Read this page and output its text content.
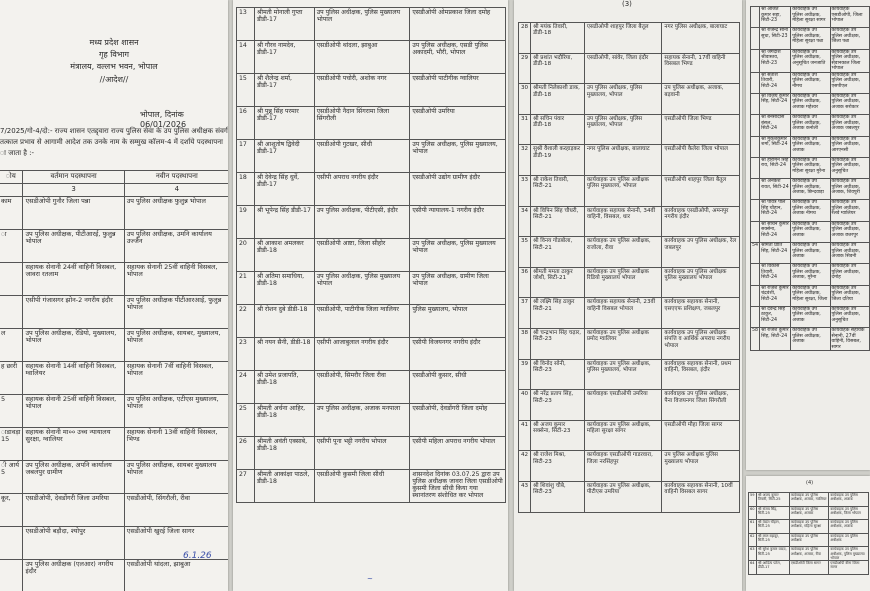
मध्य प्रदेश शासन
गृह विभाग
मंत्रालय, वल्लभ भवन, भोपाल
//आदेश//
भोपाल, दिनांक 06/01/2026
7/2025/गो-4/दो:- राज्य शासन एतद्द्वारा राज्य पुलिस सेवा के उप पुलिस अधीक्षक संवर्ग
तत्काल प्रभाव से आगामी आदेश तक उनके नाम के सम्मुख कॉलम-4 में दर्शाये पदस्थापना
ा जाता है :-
ोय	वर्तमान पदस्थापना	नवीन पदस्थापना
	3	4
काम	एसडीओपी गुनौर जिला पन्ना	उप पुलिस अधीक्षक फुलुन्न भोपाल
ा	उप पुलिस अधीक्षक, पीटीआरई, फुलुन्न भोपाल	उप पुलिस अधीक्षक, उमनि कार्यालय उज्जैन
	सहायक सेनानी 24वीं वाहिनी विसबल, जावरा रतलाम	सहायक सेनानी 25वीं वाहिनी विसबल, भोपाल
	एसीपी गंजासगर झोन-2 नगरीय इंदौर	उप पुलिस अधीक्षक पीटीआरआई, फुलुन्न भोपाल
ल	उप पुलिस अधीक्षक, रेडियो, मुख्यालय, भोपाल	उप पुलिस अधीक्षक, सायबर, मुख्यालय, भोपाल
ह छारी	सहायक सेनानी 14वीं वाहिनी विसबल, ग्वालियर	सहायक सेनानी 7वीं वाहिनी विसबल, भोपाल
5	सहायक सेनानी 25वीं वाहिनी विसबल, भोपाल	उप पुलिस अधीक्षक, एटीएस मुख्यालय, भोपाल
ाडावड़ा
15	सहायक सेनानी मा०० उच्च न्यायालय सुरक्षा, ग्वालियर	सहायक सेनानी 13वीं वाहिनी विसबल, भिण्ड
ी आर्य
5	उप पुलिस अधीक्षक, अपनि कार्यालय जबलपुर ग्रामीण	उप पुलिस अधीक्षक, सायबर मुख्यालय भोपाल
कूर,	एसडीओपी, देवडोंगरी जिला उमरिया	एसडीओपी, सिंगरौली, रीवा
	एसडीओपी बड़ौदा, श्योपुर	एसडीओपी खुरई जिला सागर
	उप पुलिस अधीक्षक (एलआर) नगरीय इंदौर	एसडीओपी थांदला, झाबुआ
6.1.26
13	श्रीमती मोनाली गुप्ता डीडी-17	उप पुलिस अधीक्षक, पुलिस मुख्यालय भोपाल	एसडीओपी ओमप्रकाश जिला दमोह
14	श्री गौरव नामदेव, डीडी-17	एसडीओपी थांदला, झाबुआ	उप पुलिस अधीक्षक, एसडी पुलिस अकादमी, भौरी, भोपाल
15	श्री शैलेन्द्र शर्मा, डीडी-17	एसडीओपी पचोरी, अशोक नगर	एसडीओपी पाटीगीक ग्वालियर
16	श्री पुन्नू सिंह परमार डीडी-17	एसडीओपी नैदान सिंगरामा जिला सिंगरौली	एसडीओपी उमरिया
17	श्री आशुतोष द्विवेदी डीडी-17	एसडीओपी गुटखर, सीधी	उप पुलिस अधीक्षक, पुलिस मुख्यालय, भोपाल
18	श्री देवेन्द्र सिंह धुर्वे, डीडी-17	एसीपी अपराध नगरीय इंदौर	एसडीओपी उद्योग ग्रामीण इंदौर
19	श्री भूपेन्द्र सिंह डीडी-17	उप पुलिस अधीक्षक, पीटीएसी, इंदौर	एसीपी न्यायालय-1 नगरीय इंदौर
20	श्री आकाश अमलकर डीडी-18	एसडीओपी आष्टा, जिला सीहोर	उप पुलिस अधीक्षक, पुलिस मुख्यालय भोपाल
21	श्री अतिमा समाधिया, डीडी-18	उप पुलिस अधीक्षक, पुलिस मुख्यालय भोपाल	उप पुलिस अधीक्षक, ग्रामीण जिला भोपाल
22	श्री रोशन दुबे डीडी-18	एसडीओपी, पाटीगीक जिला ग्वालियर	पुलिस मुख्यालय, भोपाल
23	श्री नयन सैनी, डीडी-18	एसीपी आजाबुलाल नगरीय इंदौर	एसीपी विजयनगर नगरीय इंदौर
24	श्री उमेश प्रजापति, डीडी-18	एसडीओपी, सिमरौर जिला रीवा	एसडीओपी कुसार, सीधी
25	श्रीमती अर्चना आहिर, डीडी-18	उप पुलिस अधीक्षक, अजाक मनपाला	एसडीओपी, देवडोंगरी जिला दमोह
26	श्रीमती अवंती एक्साबे, डीडी-18	एसीपी पूना भट्टी नगरीय भोपाल	एसीपी महिला अपराध नगरीय भोपाल
27	श्रीमती आकांक्षा पाठले, डीडी-18	एसडीओपी कुसमी जिला सीधी	शासनदेश दिनांक 03.07.25 द्वारा उप पुलिस अधीक्षक जावरा जिला एसडीओपी कुसमी जिला सीधी किया गया स्थानांतरण संशोधित कर भोपाल
~
(3)
28	श्री मयंक तिवारी, डीडी-18	एसडीओपी शाहपुर जिला बैतूल	नगर पुलिस अधीक्षक, बालाघाट
29	श्री प्रशांत भदौरिया, डीडी-18	एसडीओपी, सांवेर, जिला इंदौर	सहायक सेनानी, 17वीं वाहिनी विसबल भिण्ड
30	श्रीमती निलेकाशी डाक, डीडी-18	उप पुलिस अधीक्षक, पुलिस मुख्यालय, भोपाल	उप पुलिस अधीक्षक, अजाक, बड़वानी
31	श्री सचिन पंवार डीडी-18	उप पुलिस अधीक्षक, पुलिस मुख्यालय, भोपाल	एसडीओपी जिला भिण्ड
32	सुश्री वैशाली करहाड़कर डीडी-19	नगर पुलिस अधीक्षक, बालाघाट	एसडीओपी कैलेरा जिला भोपाल
33	श्री राकेश तिवारी, सिटी-21	कार्यवाहक उप पुलिस अधीक्षक पुलिस मुख्यालय, भोपाल	एसडीओपी शाहपुर जिला बैतूल
34	श्री विपिन सिंह चौधरी, सिटी-21	कार्यवाहक सहायक सेनानी, 34वीं वाहिनी, विसबल, धार	कार्यवाहक एसडीओपी, अमनपुर नगरीय इंदौर
35	श्री विनय गोडबोला, सिटी-21	कार्यवाहक उप पुलिस अधीक्षक, राजोला, रीवा	कार्यवाहक उप पुलिस अधीक्षक, रेल जबलपुर
36	श्रीमती ममता ठाकुर जोशी, सिटी-21	कार्यवाहक उप पुलिस अधीक्षक रिडियो मुख्यालय भोपाल	कार्यवाहक उप पुलिस अधीक्षक पुलिस मुख्यालय भोपाल
37	श्री लक्ष्मि सिंह ठाकुर सिटी-21	कार्यवाहक सहायक सेनानी, 23वीं वाहिनी विसबल भोपाल	कार्यवाहक सहायक सेनानी, एसएएफ प्रशिक्षण, जबलपुर
38	श्री चन्द्रभान सिंह चढ़ार, सिटी-23	कार्यवाहक उप पुलिस अधीक्षक प्रमोद ग्वालियर	कार्यवाहक उप पुलिस अधीक्षक संपत्ति व आर्थिक अपराध नगरीय भोपाल
39	श्री विनोद सोनी, सिटी-23	कार्यवाहक उप पुलिस अधीक्षक, पुलिस मुख्यालय, भोपाल	कार्यवाहक सहायक सेनानी, प्रथम वाहिनी, विसबल, इंदौर
40	श्री नरेंद्र प्रताप सिंह, सिटी-23	कार्यवाहक एसडीओपी उमरिया	कार्यवाहक उप पुलिस अधीक्षक, पैना विजयनगर जिला सिंगरौली
41	श्री अजय कुमार सक्सेना, सिटी-23	कार्यवाहक उप पुलिस अधीक्षक, महिला सुरक्षा सागर	एसडीओपी मौहा जिला सागर
42	श्री राजेश मिश्रा, सिटी-23	कार्यवाहक एसडीओपी गाडरवारा, जिला नरसिंहपुर	उप पुलिस अधीक्षक पुलिस मुख्यालय भोपाल
43	श्री शिवांशु चौबे, सिटी-23	कार्यवाहक उप पुलिस अधीक्षक, पीटीएस उमरिया	कार्यवाहक सहायक सेनानी, 10वीं वाहिनी विसबल सागर
	श्री अजित कुमार सहा, सिटी-23	कार्यवाहक उप पुलिस अधीक्षक, महिला सुरक्षा सागर	कार्यवाहक एसडीओपी, जिला भोपाल
	श्री राजेन्द्र सोनी सुधा, सिटी-23	कार्यवाहक उप पुलिस अधीक्षक, महिला सुरक्षा पन्ना	कार्यवाहक उप पुलिस अधीक्षक, जिला पन्ना
	श्री जगदीश श्रीवास्तव, सिटी-23	कार्यवाहक उप पुलिस अधीक्षक, अनुसूचित जनजाति	कार्यवाहक उप पुलिस अधीक्षक, सेवानकाल जिला भोपाल
	श्री सतीश तिवारी, सिटी-24	कार्यवाहक उप पुलिस अधीक्षक, नीमच	कार्यवाहक उप पुलिस अधीक्षक, एसपीएल
	श्री विजय कुमार सिंह, सिटी-24	कार्यवाहक उप पुलिस अधीक्षक, अजाक महेश्वर	कार्यवाहक उप पुलिस अधीक्षक, अजाक सरोकार
	श्री बनसीदास बंसल, सिटी-24	कार्यवाहक उप पुलिस अधीक्षक, अजाक कनोली	कार्यवाहक उप पुलिस अधीक्षक, अजाक जबलपुर
	श्री मुकेशकुमार शर्मा, सिटी-24	कार्यवाहक उप पुलिस अधीक्षक, अजाक	कार्यवाहक उप पुलिस अधीक्षक, आरएनसी
	श्री हीरामन सिंह राव, सिटी-24	कार्यवाहक उप पुलिस अधीक्षक, महिला सुरक्षा मुरैना	कार्यवाहक उप पुलिस अधीक्षक, अनुसूचित
	श्री अनकेश रावत, सिटी-24	कार्यवाहक उप पुलिस अधीक्षक, अजाक, छिन्दवाड़ा	कार्यवाहक उप पुलिस अधीक्षक, अजाक, शिवपुरी
	श्री पवित्र पाल सिंह चौहान, सिटी-24	कार्यवाहक उप पुलिस अधीक्षक, अजाक नीमच	कार्यवाहक उप पुलिस अधीक्षक, रेलवे ग्वालियर
	श्री सचिन कुमार सक्सेना, सिटी-24	कार्यवाहक उप पुलिस अधीक्षक, अजाक	कार्यवाहक उप पुलिस अधीक्षक, अजाक छतरपुर
54	श्रीमती प्रीति सिंह, सिटी-24	कार्यवाहक उप पुलिस अधीक्षक, अजाक	कार्यवाहक उप पुलिस अधीक्षक, अजाक सिवनी
	श्री विकास तिवारी, सिटी-24	कार्यवाहक उप पुलिस अधीक्षक, अजाक, मुरैना	कार्यवाहक उप पुलिस अधीक्षक, दमोह
	श्री राजेश कुमार चंद्रवंशी, सिटी-24	कार्यवाहक उप पुलिस अधीक्षक, महिला सुरक्षा, जिला	कार्यवाहक उप पुलिस अधीक्षक, जिला दतिया
	श्री देवेन्द्र सिंह ठाकुर, सिटी-24	कार्यवाहक उप पुलिस अधीक्षक, अजाक	कार्यवाहक उप पुलिस अधीक्षक, अनुसूचित
58	श्री राजेश कुमार सिंह, सिटी-24	कार्यवाहक उप पुलिस अधीक्षक, अजाक	कार्यवाहक सहायक सेनानी, 27वीं वाहिनी, विसबल, सागर
(4)
59	श्री अजय कुमार तिवारी, सिटी-25	कार्यवाहक उप पुलिस अधीक्षक, अजाक, ग्वालियर	कार्यवाहक उप पुलिस अधीक्षक, अजाक
60	श्री संजय सिंह, सिटी-25	कार्यवाहक उप पुलिस अधीक्षक, अजाक	कार्यवाहक उप पुलिस अधीक्षक, जिला भोपाल
61	श्री वेदांत चौहान, सिटी-25	कार्यवाहक उप पुलिस अधीक्षक, महिला सुरक्षा	कार्यवाहक उप पुलिस अधीक्षक, अजाक
62	श्री लाल बहादुर, सिटी-25	कार्यवाहक उप पुलिस अधीक्षक	कार्यवाहक उप पुलिस अधीक्षक
63	श्री सुरेश कुमार यादव, सिटी-25	कार्यवाहक उप पुलिस अधीक्षक, अजाक, रीवा	कार्यवाहक उप पुलिस अधीक्षक, पुलिस मुख्यालय भोपाल
64	श्री आदित्य पटेल, डीडी-17	एसडीओपी जिला सागर	एसडीओपी बीना जिला सागर
